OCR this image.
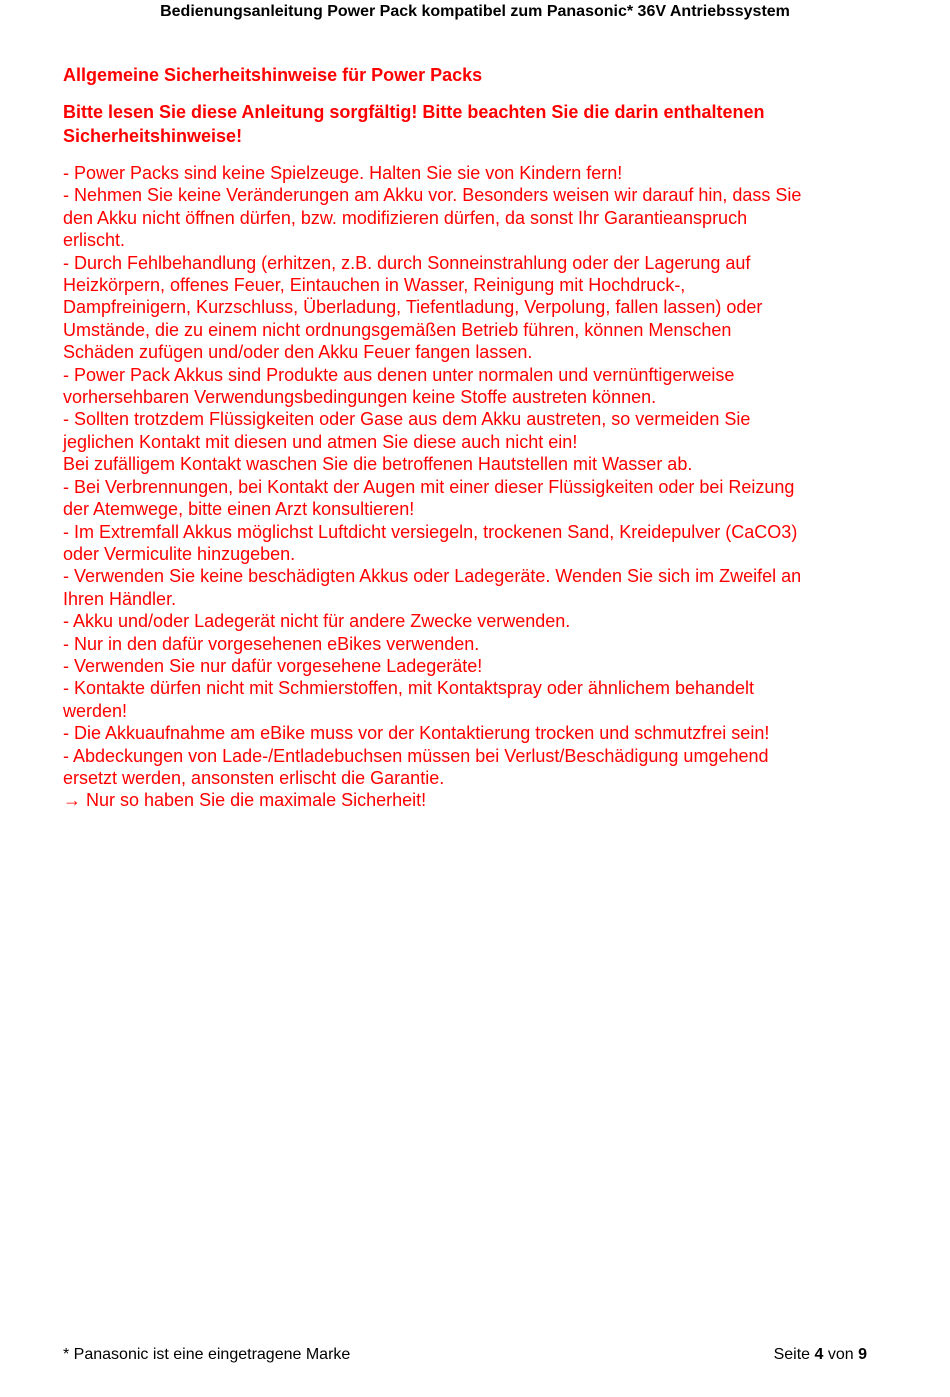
Bedienungsanleitung Power Pack kompatibel zum Panasonic* 36V Antriebssystem
Allgemeine Sicherheitshinweise für Power Packs
Bitte lesen Sie diese Anleitung sorgfältig! Bitte beachten Sie die darin enthaltenen Sicherheitshinweise!
- Power Packs sind keine Spielzeuge. Halten Sie sie von Kindern fern!
- Nehmen Sie keine Veränderungen am Akku vor. Besonders weisen wir darauf hin, dass Sie
den Akku nicht öffnen dürfen, bzw. modifizieren dürfen, da sonst Ihr Garantieanspruch
erlischt.
- Durch Fehlbehandlung (erhitzen, z.B. durch Sonneinstrahlung oder der Lagerung auf
Heizkörpern, offenes Feuer, Eintauchen in Wasser, Reinigung mit Hochdruck-,
Dampfreinigern, Kurzschluss, Überladung, Tiefentladung, Verpolung, fallen lassen) oder
Umstände, die zu einem nicht ordnungsgemäßen Betrieb führen, können Menschen
Schäden zufügen und/oder den Akku Feuer fangen lassen.
- Power Pack Akkus sind Produkte aus denen unter normalen und vernünftigerweise
vorhersehbaren Verwendungsbedingungen keine Stoffe austreten können.
- Sollten trotzdem Flüssigkeiten oder Gase aus dem Akku austreten, so vermeiden Sie
jeglichen Kontakt mit diesen und atmen Sie diese auch nicht ein!
Bei zufälligem Kontakt waschen Sie die betroffenen Hautstellen mit Wasser ab.
- Bei Verbrennungen, bei Kontakt der Augen mit einer dieser Flüssigkeiten oder bei Reizung
der Atemwege, bitte einen Arzt konsultieren!
- Im Extremfall Akkus möglichst Luftdicht versiegeln, trockenen Sand, Kreidepulver (CaCO3)
oder Vermiculite hinzugeben.
- Verwenden Sie keine beschädigten Akkus oder Ladegeräte. Wenden Sie sich im Zweifel an
Ihren Händler.
- Akku und/oder Ladegerät nicht für andere Zwecke verwenden.
- Nur in den dafür vorgesehenen eBikes verwenden.
- Verwenden Sie nur dafür vorgesehene Ladegeräte!
- Kontakte dürfen nicht mit Schmierstoffen, mit Kontaktspray oder ähnlichem behandelt
werden!
- Die Akkuaufnahme am eBike muss vor der Kontaktierung trocken und schmutzfrei sein!
- Abdeckungen von Lade-/Entladebuchsen müssen bei Verlust/Beschädigung umgehend
ersetzt werden, ansonsten erlischt die Garantie.
→ Nur so haben Sie die maximale Sicherheit!
* Panasonic ist eine eingetragene Marke	Seite 4 von 9
